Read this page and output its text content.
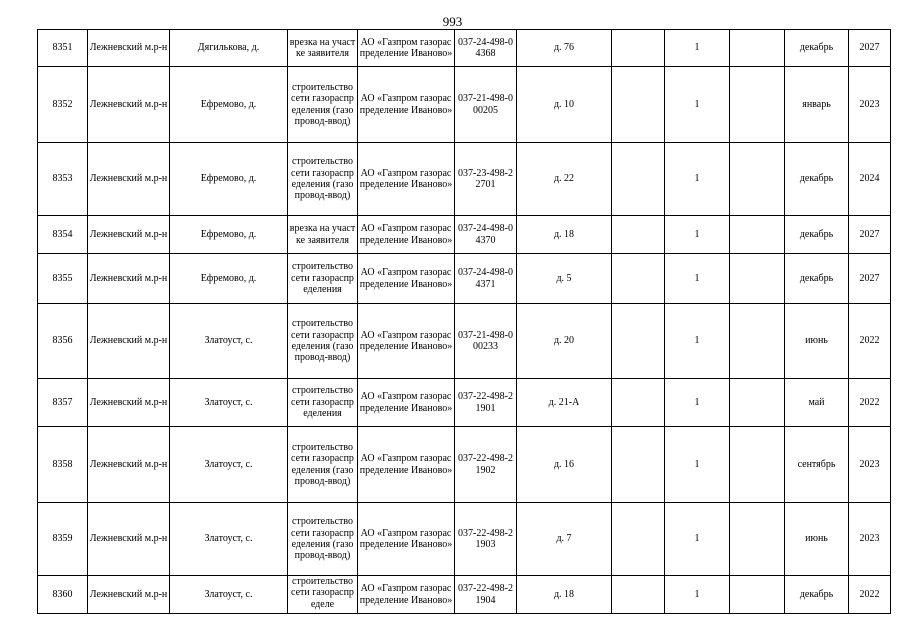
993
8351	Лежневский м.р-н	Дягилькова, д.	врезка на участке заявителя	АО «Газпром газораспределение Иваново»	037-24-498-04368	д. 76		1		декабрь	2027
8352	Лежневский м.р-н	Ефремово, д.	строительство сети газораспределения (газопровод-ввод)	АО «Газпром газораспределение Иваново»	037-21-498-000205	д. 10		1		январь	2023
8353	Лежневский м.р-н	Ефремово, д.	строительство сети газораспределения (газопровод-ввод)	АО «Газпром газораспределение Иваново»	037-23-498-22701	д. 22		1		декабрь	2024
8354	Лежневский м.р-н	Ефремово, д.	врезка на участке заявителя	АО «Газпром газораспределение Иваново»	037-24-498-04370	д. 18		1		декабрь	2027
8355	Лежневский м.р-н	Ефремово, д.	строительство сети газораспределения	АО «Газпром газораспределение Иваново»	037-24-498-04371	д. 5		1		декабрь	2027
8356	Лежневский м.р-н	Златоуст, с.	строительство сети газораспределения (газопровод-ввод)	АО «Газпром газораспределение Иваново»	037-21-498-000233	д. 20		1		июнь	2022
8357	Лежневский м.р-н	Златоуст, с.	строительство сети газораспределения	АО «Газпром газораспределение Иваново»	037-22-498-21901	д. 21-А		1		май	2022
8358	Лежневский м.р-н	Златоуст, с.	строительство сети газораспределения (газопровод-ввод)	АО «Газпром газораспределение Иваново»	037-22-498-21902	д. 16		1		сентябрь	2023
8359	Лежневский м.р-н	Златоуст, с.	строительство сети газораспределения (газопровод-ввод)	АО «Газпром газораспределение Иваново»	037-22-498-21903	д. 7		1		июнь	2023
8360	Лежневский м.р-н	Златоуст, с.	строительство сети газораспределе	АО «Газпром газораспределение Иваново»	037-22-498-21904	д. 18		1		декабрь	2022
